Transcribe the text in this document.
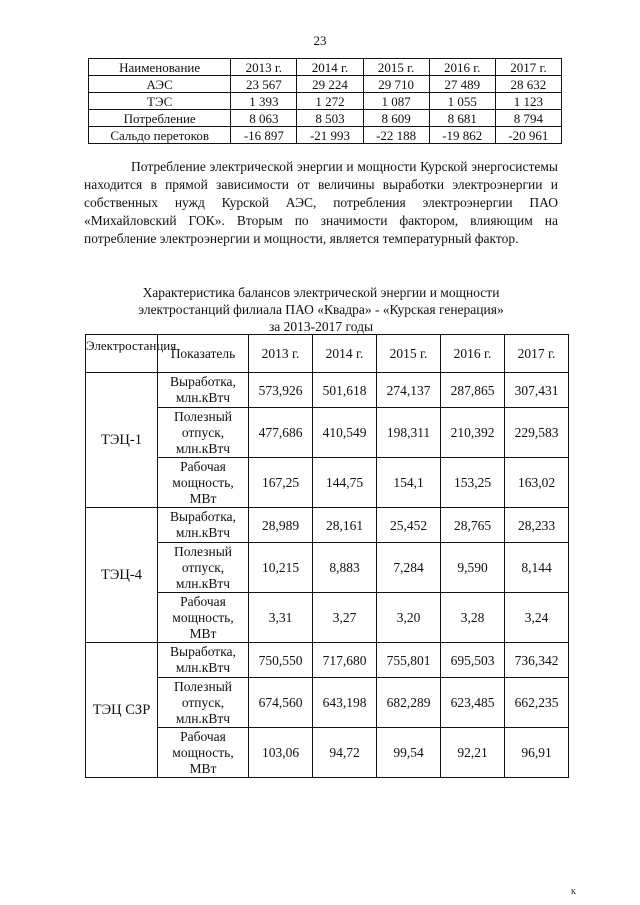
23
Наименование	2013 г.	2014 г.	2015 г.	2016 г.	2017 г.
АЭС	23 567	29 224	29 710	27 489	28 632
ТЭС	1 393	1 272	1 087	1 055	1 123
Потребление	8 063	8 503	8 609	8 681	8 794
Сальдо перетоков	-16 897	-21 993	-22 188	-19 862	-20 961

Потребление электрической энергии и мощности Курской энергосистемы находится в прямой зависимости от величины выработки электроэнергии и собственных нужд Курской АЭС, потребления электроэнергии ПАО «Михайловский ГОК». Вторым по значимости фактором, влияющим на потребление электроэнергии и мощности, является температурный фактор.

Характеристика балансов электрической энергии и мощности
электростанций филиала ПАО «Квадра» - «Курская генерация»
за 2013-2017 годы
Электростанция	Показатель	2013 г.	2014 г.	2015 г.	2016 г.	2017 г.
ТЭЦ-1	Выработка, млн.кВтч	573,926	501,618	274,137	287,865	307,431
	Полезный отпуск, млн.кВтч	477,686	410,549	198,311	210,392	229,583
	Рабочая мощность, МВт	167,25	144,75	154,1	153,25	163,02
ТЭЦ-4	Выработка, млн.кВтч	28,989	28,161	25,452	28,765	28,233
	Полезный отпуск, млн.кВтч	10,215	8,883	7,284	9,590	8,144
	Рабочая мощность, МВт	3,31	3,27	3,20	3,28	3,24
ТЭЦ СЗР	Выработка, млн.кВтч	750,550	717,680	755,801	695,503	736,342
	Полезный отпуск, млн.кВтч	674,560	643,198	682,289	623,485	662,235
	Рабочая мощность, МВт	103,06	94,72	99,54	92,21	96,91
к
